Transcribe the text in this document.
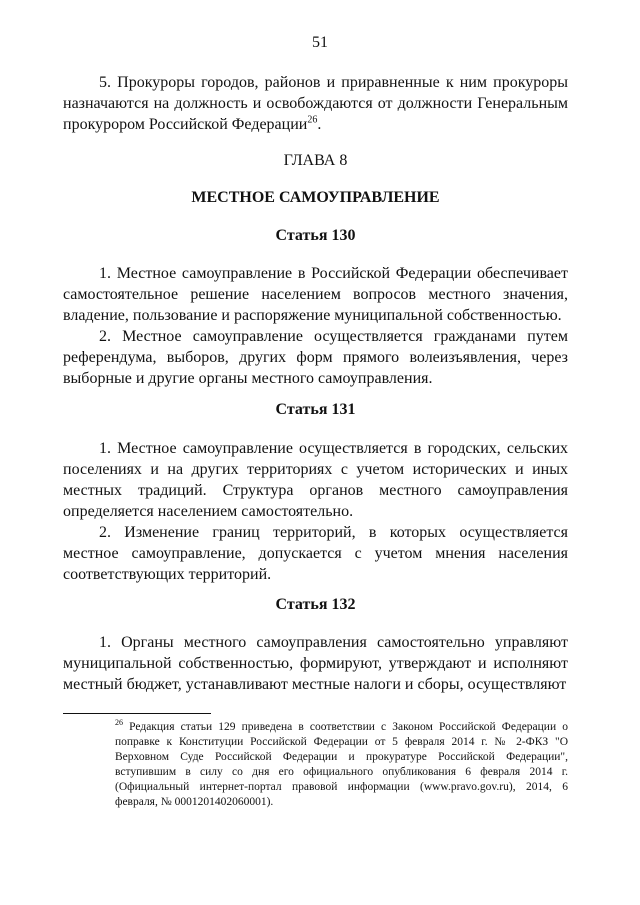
51

5. Прокуроры городов, районов и приравненные к ним прокуроры назначаются на должность и освобождаются от должности Генеральным прокурором Российской Федерации$^{26}$.

ГЛАВА 8

МЕСТНОЕ САМОУПРАВЛЕНИЕ

Статья 130

1. Местное самоуправление в Российской Федерации обеспечивает самостоятельное решение населением вопросов местного значения, владение, пользование и распоряжение муниципальной собственностью.

2. Местное самоуправление осуществляется гражданами путем референдума, выборов, других форм прямого волеизъявления, через выборные и другие органы местного самоуправления.

Статья 131

1. Местное самоуправление осуществляется в городских, сельских поселениях и на других территориях с учетом исторических и иных местных традиций. Структура органов местного самоуправления определяется населением самостоятельно.

2. Изменение границ территорий, в которых осуществляется местное самоуправление, допускается с учетом мнения населения соответствующих территорий.

Статья 132

1. Органы местного самоуправления самостоятельно управляют муниципальной собственностью, формируют, утверждают и исполняют местный бюджет, устанавливают местные налоги и сборы, осуществляют

$^{26}$ Редакция статьи 129 приведена в соответствии с Законом Российской Федерации о поправке к Конституции Российской Федерации от 5 февраля 2014 г. № 2-ФКЗ "О Верховном Суде Российской Федерации и прокуратуре Российской Федерации", вступившим в силу со дня его официального опубликования 6 февраля 2014 г. (Официальный интернет-портал правовой информации (www.pravo.gov.ru), 2014, 6 февраля, № 0001201402060001).
